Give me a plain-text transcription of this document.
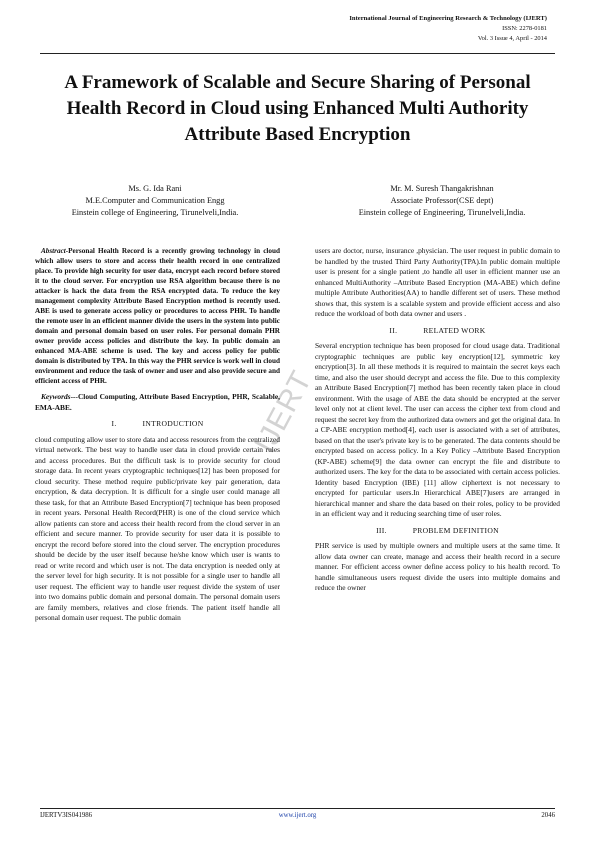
International Journal of Engineering Research & Technology (IJERT)
ISSN: 2278-0181
Vol. 3 Issue 4, April - 2014
A Framework of Scalable and Secure Sharing of Personal Health Record in Cloud using Enhanced Multi Authority Attribute Based Encryption
Ms. G. Ida Rani
M.E.Computer and Communication Engg
Einstein college of Engineering, Tirunelveli,India.
Mr. M. Suresh Thangakrishnan
Associate Professor(CSE dept)
Einstein college of Engineering, Tirunelveli,India.
IJERT

Abstract-Personal Health Record is a recently growing technology in cloud which allow users to store and access their health record in one centralized place. To provide high security for user data, encrypt each record before stored it to the cloud server. For encryption use RSA algorithm because there is no attacker is hack the data from the RSA encrypted data. To reduce the key management complexity Attribute Based Encryption method is recently used. ABE is used to generate access policy or procedures to access PHR. To handle the remote user in an efficient manner divide the users in the system into public domain and personal domain based on user roles. For personal domain PHR owner provide access policies and distribute the key. In public domain an enhanced MA-ABE scheme is used. The key and access policy for public domain is distributed by TPA. In this way the PHR service is work well in cloud environment and reduce the task of owner and user and also provide secure and efficient access of PHR.

Keywords---Cloud Computing, Attribute Based Encryption, PHR, Scalable, EMA-ABE.

I.	INTRODUCTION

cloud computing allow user to store data and access resources from the centralized virtual network. The best way to handle user data in cloud provide certain rules and access procedures. But the difficult task is to provide security for cloud storage data. In recent years cryptographic techniques[12] has been proposed for cloud security. These method require public/private key pair generation, data encryption, & data decryption. It is difficult for a single user could manage all these task, for that an Attribute Based Encryption[7] technique has been proposed in recent years. Personal Health Record(PHR) is one of the cloud service which allow patients can store and access their health record from the cloud server in an efficient and secure manner. To provide security for user data it is possible to encrypt the record before stored into the cloud server. The encryption procedures should be decide by the user itself because he/she know which user is wants to read or write record and which user is not. The data encryption is needed only at the server level for high security. It is not possible for a single user to handle all user request. The efficient way to handle user request divide the system of user into two domains public domain and personal domain. The personal domain users are family members, relatives and close friends. The patient itself handle all personal domain user request. The public domain

users are doctor, nurse, insurance ,physician. The user request in public domain to be handled by the trusted Third Party Authority(TPA).In public domain multiple user is present for a single patient ,to handle all user in efficient manner use an enhanced MultiAuthority –Attribute Based Encryption (MA-ABE) which define multiple Attribute Authorities(AA) to handle different set of users. These method shows that, this system is a scalable system and provide efficient access and also reduce the workload of both data owner and users .

II.	RELATED WORK

Several encryption technique has been proposed for cloud usage data. Traditional cryptographic techniques are public key encryption[12], symmetric key encryption[3]. In all these methods it is required to maintain the secret keys each time, and also the user should decrypt and access the file. Due to this complexity an Attribute Based Encryption[7] method has been recently taken place in cloud environment. With the usage of ABE the data should be encrypted at the server level only not at client level. The user can access the cipher text from cloud and request the secret key from the authorized data owners and get the original data. In a CP-ABE encryption method[4], each user is associated with a set of attributes, based on that the user's private key is to be generated. The data contents should be encrypted based on access policy. In a Key Policy –Attribute Based Encryption (KP-ABE) scheme[9] the data owner can encrypt the file and distribute to authorized users. The key for the data to be associated with certain access policies. Identity based Encryption (IBE) [11] allow ciphertext is not necessary to encrypted for particular users.In Hierarchical ABE[7]users are arranged in hierarchical manner and share the data based on their roles, policy to be provided in an efficient way and it reducing searching time of user roles.

III.	PROBLEM DEFINITION

PHR service is used by multiple owners and multiple users at the same time. It allow data owner can create, manage and access their health record in a secure manner. For efficient access owner define access policy to his health record. To handle simultaneous users request divide the users into multiple domains and reduce the owner

IJERTV3IS041986	www.ijert.org	2046
